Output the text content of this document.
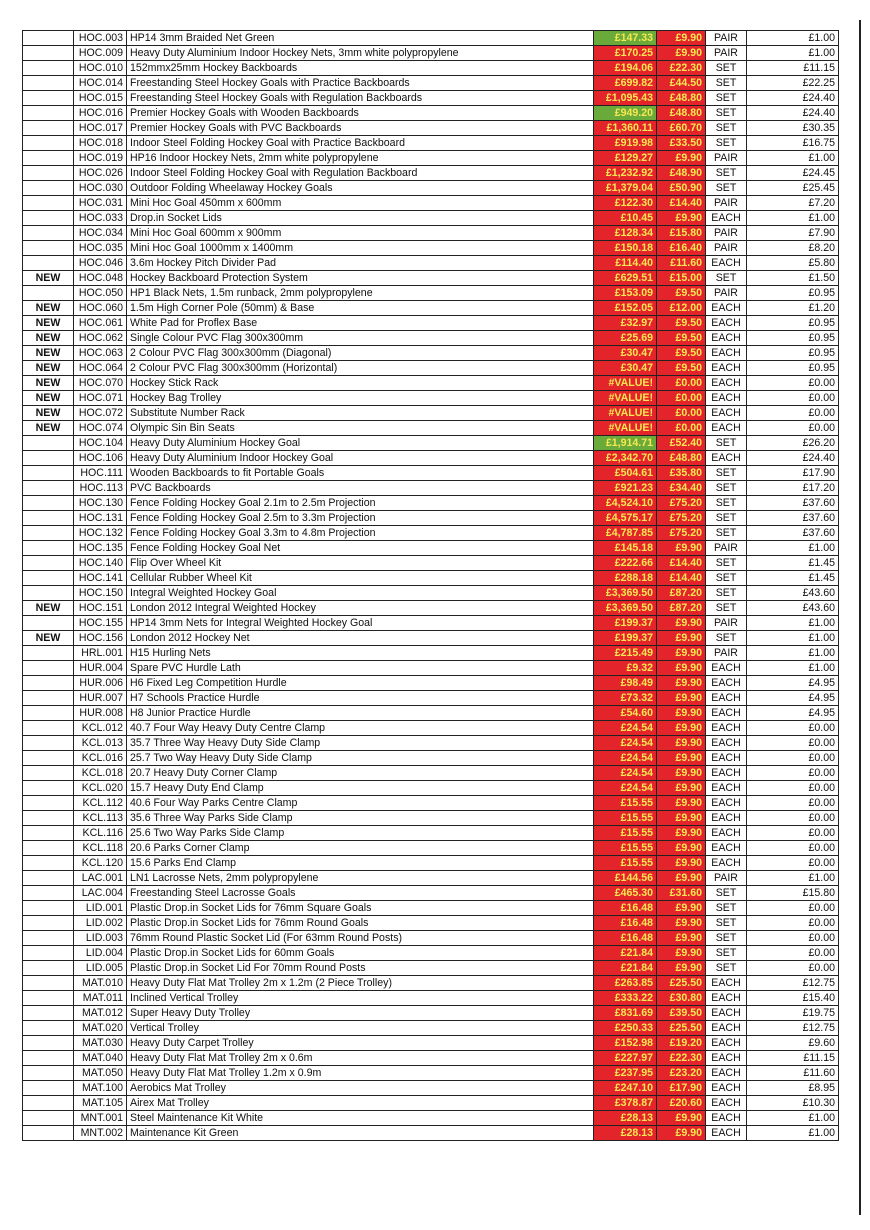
	HOC.003	HP14 3mm Braided Net Green	£147.33	£9.90	PAIR	£1.00
	HOC.009	Heavy Duty Aluminium Indoor Hockey Nets, 3mm white polypropylene	£170.25	£9.90	PAIR	£1.00
	HOC.010	152mmx25mm Hockey Backboards	£194.06	£22.30	SET	£11.15
	HOC.014	Freestanding Steel Hockey Goals with Practice Backboards	£699.82	£44.50	SET	£22.25
	HOC.015	Freestanding Steel Hockey Goals with Regulation Backboards	£1,095.43	£48.80	SET	£24.40
	HOC.016	Premier Hockey Goals with Wooden Backboards	£949.20	£48.80	SET	£24.40
	HOC.017	Premier Hockey Goals with PVC Backboards	£1,360.11	£60.70	SET	£30.35
	HOC.018	Indoor Steel Folding Hockey Goal with Practice Backboard	£919.98	£33.50	SET	£16.75
	HOC.019	HP16 Indoor Hockey Nets, 2mm white polypropylene	£129.27	£9.90	PAIR	£1.00
	HOC.026	Indoor Steel Folding Hockey Goal with Regulation Backboard	£1,232.92	£48.90	SET	£24.45
	HOC.030	Outdoor Folding Wheelaway Hockey Goals	£1,379.04	£50.90	SET	£25.45
	HOC.031	Mini Hoc Goal 450mm x 600mm	£122.30	£14.40	PAIR	£7.20
	HOC.033	Drop.in Socket Lids	£10.45	£9.90	EACH	£1.00
	HOC.034	Mini Hoc Goal 600mm x 900mm	£128.34	£15.80	PAIR	£7.90
	HOC.035	Mini Hoc Goal 1000mm x 1400mm	£150.18	£16.40	PAIR	£8.20
	HOC.046	3.6m Hockey Pitch Divider Pad	£114.40	£11.60	EACH	£5.80
NEW	HOC.048	Hockey Backboard Protection System	£629.51	£15.00	SET	£1.50
	HOC.050	HP1 Black Nets, 1.5m runback, 2mm polypropylene	£153.09	£9.50	PAIR	£0.95
NEW	HOC.060	1.5m High Corner Pole (50mm) & Base	£152.05	£12.00	EACH	£1.20
NEW	HOC.061	White Pad for Proflex Base	£32.97	£9.50	EACH	£0.95
NEW	HOC.062	Single Colour PVC Flag 300x300mm	£25.69	£9.50	EACH	£0.95
NEW	HOC.063	2 Colour PVC Flag 300x300mm (Diagonal)	£30.47	£9.50	EACH	£0.95
NEW	HOC.064	2 Colour PVC Flag 300x300mm (Horizontal)	£30.47	£9.50	EACH	£0.95
NEW	HOC.070	Hockey Stick Rack	#VALUE!	£0.00	EACH	£0.00
NEW	HOC.071	Hockey Bag Trolley	#VALUE!	£0.00	EACH	£0.00
NEW	HOC.072	Substitute Number Rack	#VALUE!	£0.00	EACH	£0.00
NEW	HOC.074	Olympic Sin Bin Seats	#VALUE!	£0.00	EACH	£0.00
	HOC.104	Heavy Duty Aluminium Hockey Goal	£1,914.71	£52.40	SET	£26.20
	HOC.106	Heavy Duty Aluminium Indoor Hockey Goal	£2,342.70	£48.80	EACH	£24.40
	HOC.111	Wooden Backboards to fit Portable Goals	£504.61	£35.80	SET	£17.90
	HOC.113	PVC Backboards	£921.23	£34.40	SET	£17.20
	HOC.130	Fence Folding Hockey Goal 2.1m to 2.5m Projection	£4,524.10	£75.20	SET	£37.60
	HOC.131	Fence Folding Hockey Goal 2.5m to 3.3m Projection	£4,575.17	£75.20	SET	£37.60
	HOC.132	Fence Folding Hockey Goal 3.3m to 4.8m Projection	£4,787.85	£75.20	SET	£37.60
	HOC.135	Fence Folding Hockey Goal Net	£145.18	£9.90	PAIR	£1.00
	HOC.140	Flip Over Wheel Kit	£222.66	£14.40	SET	£1.45
	HOC.141	Cellular Rubber Wheel Kit	£288.18	£14.40	SET	£1.45
	HOC.150	Integral Weighted Hockey Goal	£3,369.50	£87.20	SET	£43.60
NEW	HOC.151	London 2012 Integral Weighted Hockey	£3,369.50	£87.20	SET	£43.60
	HOC.155	HP14 3mm Nets for Integral Weighted Hockey Goal	£199.37	£9.90	PAIR	£1.00
NEW	HOC.156	London 2012 Hockey Net	£199.37	£9.90	SET	£1.00
	HRL.001	H15 Hurling Nets	£215.49	£9.90	PAIR	£1.00
	HUR.004	Spare PVC Hurdle Lath	£9.32	£9.90	EACH	£1.00
	HUR.006	H6 Fixed Leg Competition Hurdle	£98.49	£9.90	EACH	£4.95
	HUR.007	H7 Schools Practice Hurdle	£73.32	£9.90	EACH	£4.95
	HUR.008	H8 Junior Practice Hurdle	£54.60	£9.90	EACH	£4.95
	KCL.012	40.7 Four Way Heavy Duty Centre Clamp	£24.54	£9.90	EACH	£0.00
	KCL.013	35.7 Three Way Heavy Duty Side Clamp	£24.54	£9.90	EACH	£0.00
	KCL.016	25.7 Two Way Heavy Duty Side Clamp	£24.54	£9.90	EACH	£0.00
	KCL.018	20.7 Heavy Duty Corner Clamp	£24.54	£9.90	EACH	£0.00
	KCL.020	15.7 Heavy Duty End Clamp	£24.54	£9.90	EACH	£0.00
	KCL.112	40.6 Four Way Parks Centre Clamp	£15.55	£9.90	EACH	£0.00
	KCL.113	35.6 Three Way Parks Side Clamp	£15.55	£9.90	EACH	£0.00
	KCL.116	25.6 Two Way Parks Side Clamp	£15.55	£9.90	EACH	£0.00
	KCL.118	20.6 Parks Corner Clamp	£15.55	£9.90	EACH	£0.00
	KCL.120	15.6 Parks End Clamp	£15.55	£9.90	EACH	£0.00
	LAC.001	LN1 Lacrosse Nets, 2mm polypropylene	£144.56	£9.90	PAIR	£1.00
	LAC.004	Freestanding Steel Lacrosse Goals	£465.30	£31.60	SET	£15.80
	LID.001	Plastic Drop.in Socket Lids for 76mm Square Goals	£16.48	£9.90	SET	£0.00
	LID.002	Plastic Drop.in Socket Lids for 76mm Round Goals	£16.48	£9.90	SET	£0.00
	LID.003	76mm Round Plastic Socket Lid (For 63mm Round Posts)	£16.48	£9.90	SET	£0.00
	LID.004	Plastic Drop.in Socket Lids for 60mm Goals	£21.84	£9.90	SET	£0.00
	LID.005	Plastic Drop.in Socket Lid For 70mm Round Posts	£21.84	£9.90	SET	£0.00
	MAT.010	Heavy Duty Flat Mat Trolley 2m x 1.2m (2 Piece Trolley)	£263.85	£25.50	EACH	£12.75
	MAT.011	Inclined Vertical Trolley	£333.22	£30.80	EACH	£15.40
	MAT.012	Super Heavy Duty Trolley	£831.69	£39.50	EACH	£19.75
	MAT.020	Vertical Trolley	£250.33	£25.50	EACH	£12.75
	MAT.030	Heavy Duty Carpet Trolley	£152.98	£19.20	EACH	£9.60
	MAT.040	Heavy Duty Flat Mat Trolley 2m x 0.6m	£227.97	£22.30	EACH	£11.15
	MAT.050	Heavy Duty Flat Mat Trolley 1.2m x 0.9m	£237.95	£23.20	EACH	£11.60
	MAT.100	Aerobics Mat Trolley	£247.10	£17.90	EACH	£8.95
	MAT.105	Airex Mat Trolley	£378.87	£20.60	EACH	£10.30
	MNT.001	Steel Maintenance Kit White	£28.13	£9.90	EACH	£1.00
	MNT.002	Maintenance Kit Green	£28.13	£9.90	EACH	£1.00
